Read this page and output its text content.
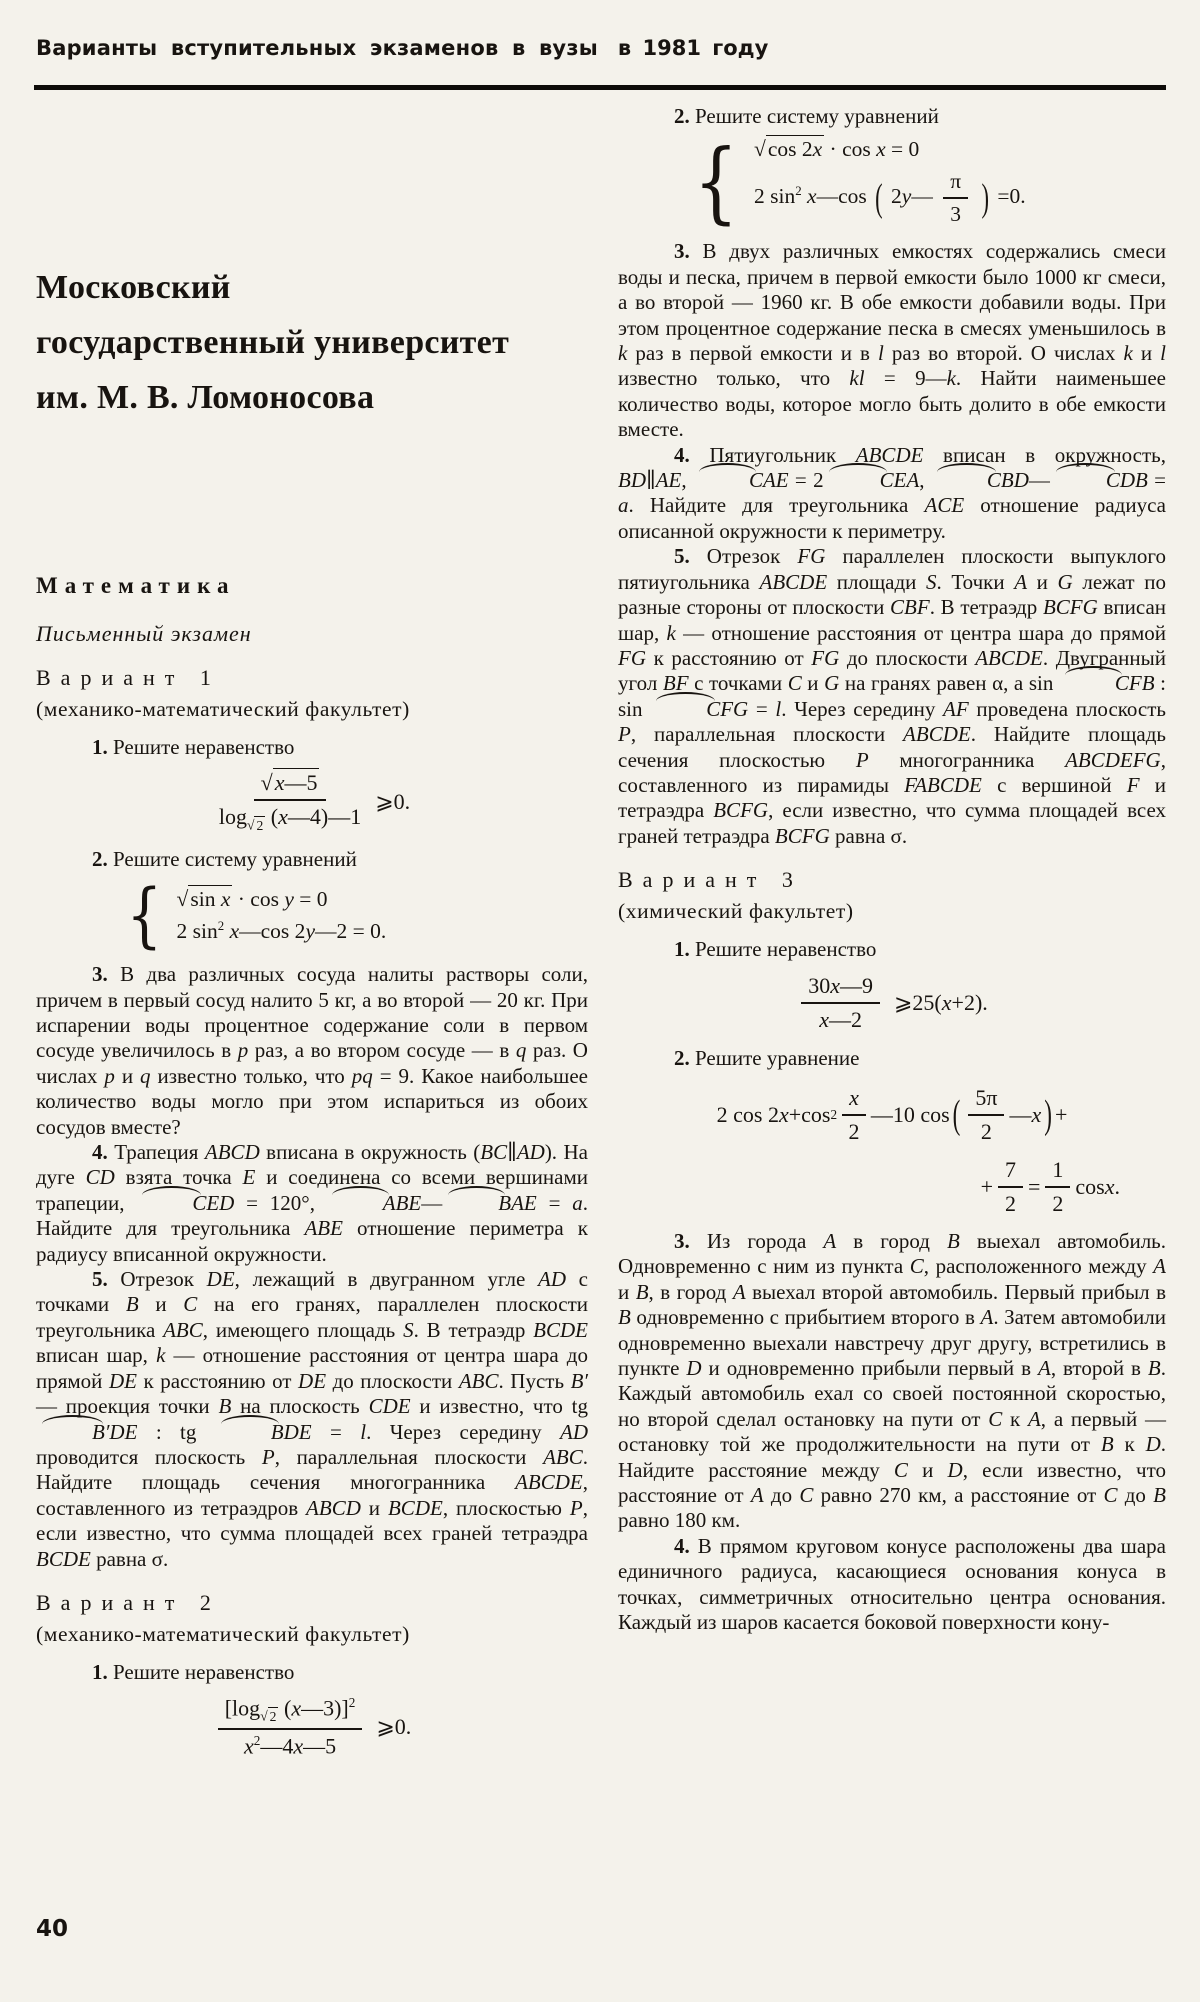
Варианты вступительных экзаменов в вузы в 1981 году
Московский
государственный университет
им. М. В. Ломоносова
Математика
Письменный экзамен
Вариант 1
(механико-математический факультет)

1. Решите неравенство

$\frac{√x—5}{\log_{√ 2} (x—4)—1}$ ⩾0.

2. Решите систему уравнений

{ √sin x · cos y = 0
2 $\sin^2$ x—cos 2y—2 = 0.

3. В два различных сосуда налиты растворы соли, причем в первый сосуд налито 5 кг, а во второй — 20 кг. При испарении воды процентное содержание соли в первом сосуде увеличилось в p раз, а во втором сосуде — в q раз. О числах p и q известно только, что pq = 9. Какое наибольшее количество воды могло при этом испариться из обоих сосудов вместе?

4. Трапеция ABCD вписана в окружность (BC∥AD). На дуге CD взята точка E и соединена со всеми вершинами трапеции,	CED = 120°,	ABE—	BAE = a. Найдите для треугольника ABE отношение периметра к радиусу вписанной окружности.

5. Отрезок DE, лежащий в двугранном угле AD с точками B и C на его гранях, параллелен плоскости треугольника ABC, имеющего площадь S. В тетраэдр BCDE вписан шар, k — отношение расстояния от центра шара до прямой DE к расстоянию от DE до плоскости ABC. Пусть B′ — проекция точки B на плоскость CDE и известно, что tg B′DE : tg	BDE = l. Через середину AD проводится плоскость P, параллельная плоскости ABC. Найдите площадь сечения многогранника ABCDE, составленного из тетраэдров ABCD и BCDE, плоскостью P, если известно, что сумма площадей всех граней тетраэдра BCDE равна σ.

Вариант 2
(механико-математический факультет)

1. Решите неравенство

$\frac{[\log_{√ 2} (x—3)]^2}{x^2—4x—5}$ ⩾0.

2. Решите систему уравнений

{ √cos 2x · cos x = 0
2 $\sin^2$ x—cos ( 2y— $\frac{\pi}{3}$ ) =0.

3. В двух различных емкостях содержались смеси воды и песка, причем в первой емкости было 1000 кг смеси, а во второй — 1960 кг. В обе емкости добавили воды. При этом процентное содержание песка в смесях уменьшилось в k раз в первой емкости и в l раз во второй. О числах k и l известно только, что kl = 9—k. Найти наименьшее количество воды, которое могло быть долито в обе емкости вместе.

4. Пятиугольник ABCDE вписан в окружность, BD∥AE,	CAE = 2	CEA,	CBD—	CDB = a. Найдите для треугольника ACE отношение радиуса описанной окружности к периметру.

5. Отрезок FG параллелен плоскости выпуклого пятиугольника ABCDE площади S. Точки A и G лежат по разные стороны от плоскости CBF. В тетраэдр BCFG вписан шар, k — отношение расстояния от центра шара до прямой FG к расстоянию от FG до плоскости ABCDE. Двугранный угол BF с точками C и G на гранях равен α, а sin	CFB : sin	CFG = l. Через середину AF проведена плоскость P, параллельная плоскости ABCDE. Найдите площадь сечения плоскостью P многогранника ABCDEFG, составленного из пирамиды FABCDE с вершиной F и тетраэдра BCFG, если известно, что сумма площадей всех граней тетраэдра BCFG равна σ.

Вариант 3
(химический факультет)

1. Решите неравенство

$\frac{30x—9}{x—2}$ ⩾25(x+2).

2. Решите уравнение

2 cos 2 x +cos $2 \frac{x}{2}$ —10 cos ( $\frac{5\pi}{2}$ — x ) +
+ $\frac{7}{2} = \frac{1}{2}$ cos x .

3. Из города A в город B выехал автомобиль. Одновременно с ним из пункта C, расположенного между A и B, в город A выехал второй автомобиль. Первый прибыл в B одновременно с прибытием второго в A. Затем автомобили одновременно выехали навстречу друг другу, встретились в пункте D и одновременно прибыли первый в A, второй в B. Каждый автомобиль ехал со своей постоянной скоростью, но второй сделал остановку на пути от C к A, а первый — остановку той же продолжительности на пути от B к D. Найдите расстояние между C и D, если известно, что расстояние от A до C равно 270 км, а расстояние от C до B равно 180 км.

4. В прямом круговом конусе расположены два шара единичного радиуса, касающиеся основания конуса в точках, симметричных относительно центра основания. Каждый из шаров касается боковой поверхности кону-

40
